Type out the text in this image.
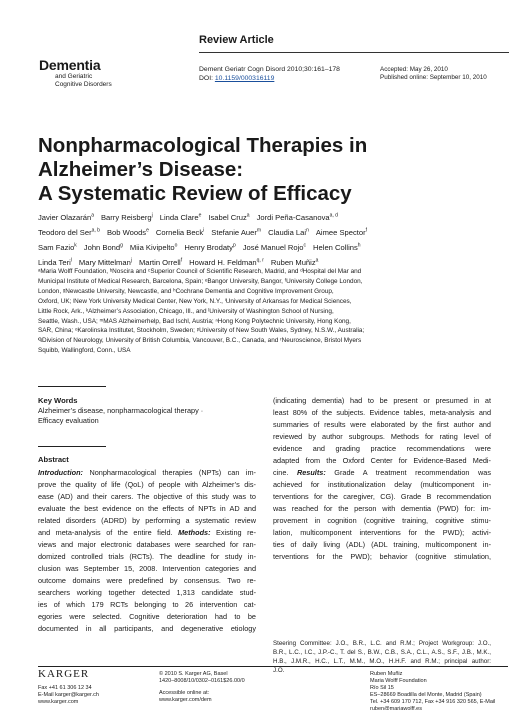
Review Article
Dementia
and Geriatric
Cognitive Disorders
Dement Geriatr Cogn Disord 2010;30:161–178
DOI: 10.1159/000316119
Accepted: May 26, 2010
Published online: September 10, 2010
Nonpharmacological Therapies in
Alzheimer’s Disease:
A Systematic Review of Efficacy
Javier Olazarán$^a$ Barry Reisberg$^j$ Linda Clare$^e$ Isabel Cruz$^a$ Jordi Peña-Casanova$^{a, d}$
Teodoro del Ser$^{a, b}$ Bob Woods$^e$ Cornelia Beck$^i$ Stefanie Auer$^m$ Claudia Lai$^n$ Aimee Spector$^f$
Sam Fazio$^k$ John Bond$^g$ Miia Kivipelto$^o$ Henry Brodaty$^p$ José Manuel Rojo$^c$ Helen Collins$^h$
Linda Teri$^l$ Mary Mittelman$^j$ Martin Orrell$^f$ Howard H. Feldman$^{q, r}$ Ruben Muñiz$^a$
ᵃMaria Wolff Foundation, ᵇNoscira and ᶜSuperior Council of Scientific Research, Madrid, and ᵈHospital del Mar and
Municipal Institute of Medical Research, Barcelona, Spain; ᵉBangor University, Bangor, ᶠUniversity College London,
London, ᵍNewcastle University, Newcastle, and ʰCochrane Dementia and Cognitive Improvement Group,
Oxford, UK; ʲNew York University Medical Center, New York, N.Y., ⁱUniversity of Arkansas for Medical Sciences,
Little Rock, Ark., ᵏAlzheimer’s Association, Chicago, Ill., and ˡUniversity of Washington School of Nursing,
Seattle, Wash., USA; ᵐMAS Alzheimerhelp, Bad Ischl, Austria; ⁿHong Kong Polytechnic University, Hong Kong,
SAR, China; ᵒKarolinska Institutet, Stockholm, Sweden; ᵖUniversity of New South Wales, Sydney, N.S.W., Australia;
ᑫDivision of Neurology, University of British Columbia, Vancouver, B.C., Canada, and ʳNeuroscience, Bristol Myers
Squibb, Wallingford, Conn., USA
Key Words
Alzheimer’s disease, nonpharmacological therapy ·
Efficacy evaluation
Abstract
Introduction: Nonpharmacological therapies (NPTs) can im-
prove the quality of life (QoL) of people with Alzheimer’s dis-
ease (AD) and their carers. The objective of this study was to
evaluate the best evidence on the effects of NPTs in AD and
related disorders (ADRD) by performing a systematic review
and meta-analysis of the entire field. Methods: Existing re-
views and major electronic databases were searched for ran-
domized controlled trials (RCTs). The deadline for study in-
clusion was September 15, 2008. Intervention categories and
outcome domains were predefined by consensus. Two re-
searchers working together detected 1,313 candidate stud-
ies of which 179 RCTs belonging to 26 intervention cat-
egories were selected. Cognitive deterioration had to be
documented in all participants, and degenerative etiology
(indicating dementia) had to be present or presumed in at
least 80% of the subjects. Evidence tables, meta-analysis and
summaries of results were elaborated by the first author and
reviewed by author subgroups. Methods for rating level of
evidence and grading practice recommendations were
adapted from the Oxford Center for Evidence-Based Medi-
cine. Results: Grade A treatment recommendation was
achieved for institutionalization delay (multicomponent in-
terventions for the caregiver, CG). Grade B recommendation
was reached for the person with dementia (PWD) for: im-
provement in cognition (cognitive training, cognitive stimu-
lation, multicomponent interventions for the PWD); activi-
ties of daily living (ADL) (ADL training, multicomponent in-
terventions for the PWD); behavior (cognitive stimulation,
Steering Committee: J.O., B.R., L.C. and R.M.; Project Workgroup: J.O.,
B.R., L.C., I.C., J.P.-C., T. del S., B.W., C.B., S.A., C.L., A.S., S.F., J.B., M.K.,
H.B., J.M.R., H.C., L.T., M.M., M.O., H.H.F. and R.M.; principal author:
J.O.
KARGER
Fax +41 61 306 12 34
E-Mail karger@karger.ch
www.karger.com
© 2010 S. Karger AG, Basel
1420–8008/10/0302–0161$26.00/0
Accessible online at:
www.karger.com/dem
Ruben Muñiz
Maria Wolff Foundation
Río Sil 15
ES–28669 Boadilla del Monte, Madrid (Spain)
Tel. +34 609 170 712, Fax +34 916 320 565, E-Mail ruben@mariawolff.es
